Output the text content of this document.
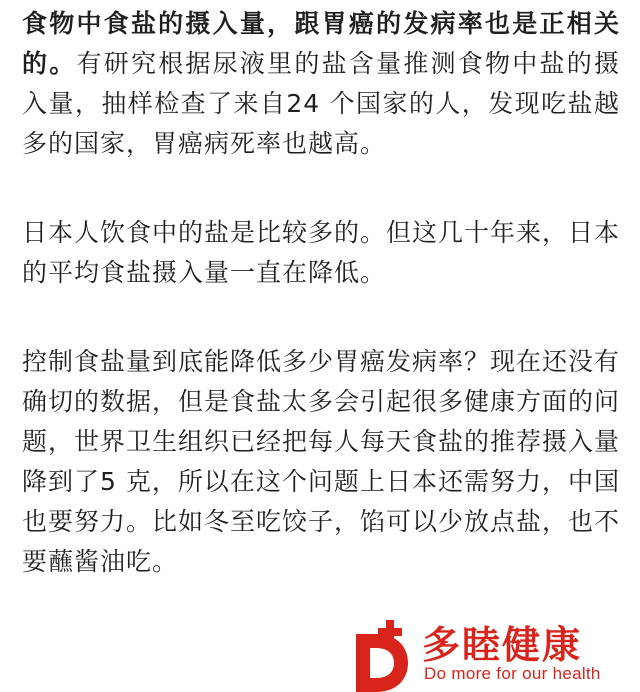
食物中食盐的摄入量，跟胃癌的发病率也是正相关的。有研究根据尿液里的盐含量推测食物中盐的摄入量，抽样检查了来自24 个国家的人，发现吃盐越多的国家，胃癌病死率也越高。

日本人饮食中的盐是比较多的。但这几十年来，日本的平均食盐摄入量一直在降低。

控制食盐量到底能降低多少胃癌发病率？现在还没有确切的数据，但是食盐太多会引起很多健康方面的问题，世界卫生组织已经把每人每天食盐的推荐摄入量降到了5 克，所以在这个问题上日本还需努力，中国也要努力。比如冬至吃饺子，馅可以少放点盐，也不要蘸酱油吃。

多睦健康
Do more for our health
